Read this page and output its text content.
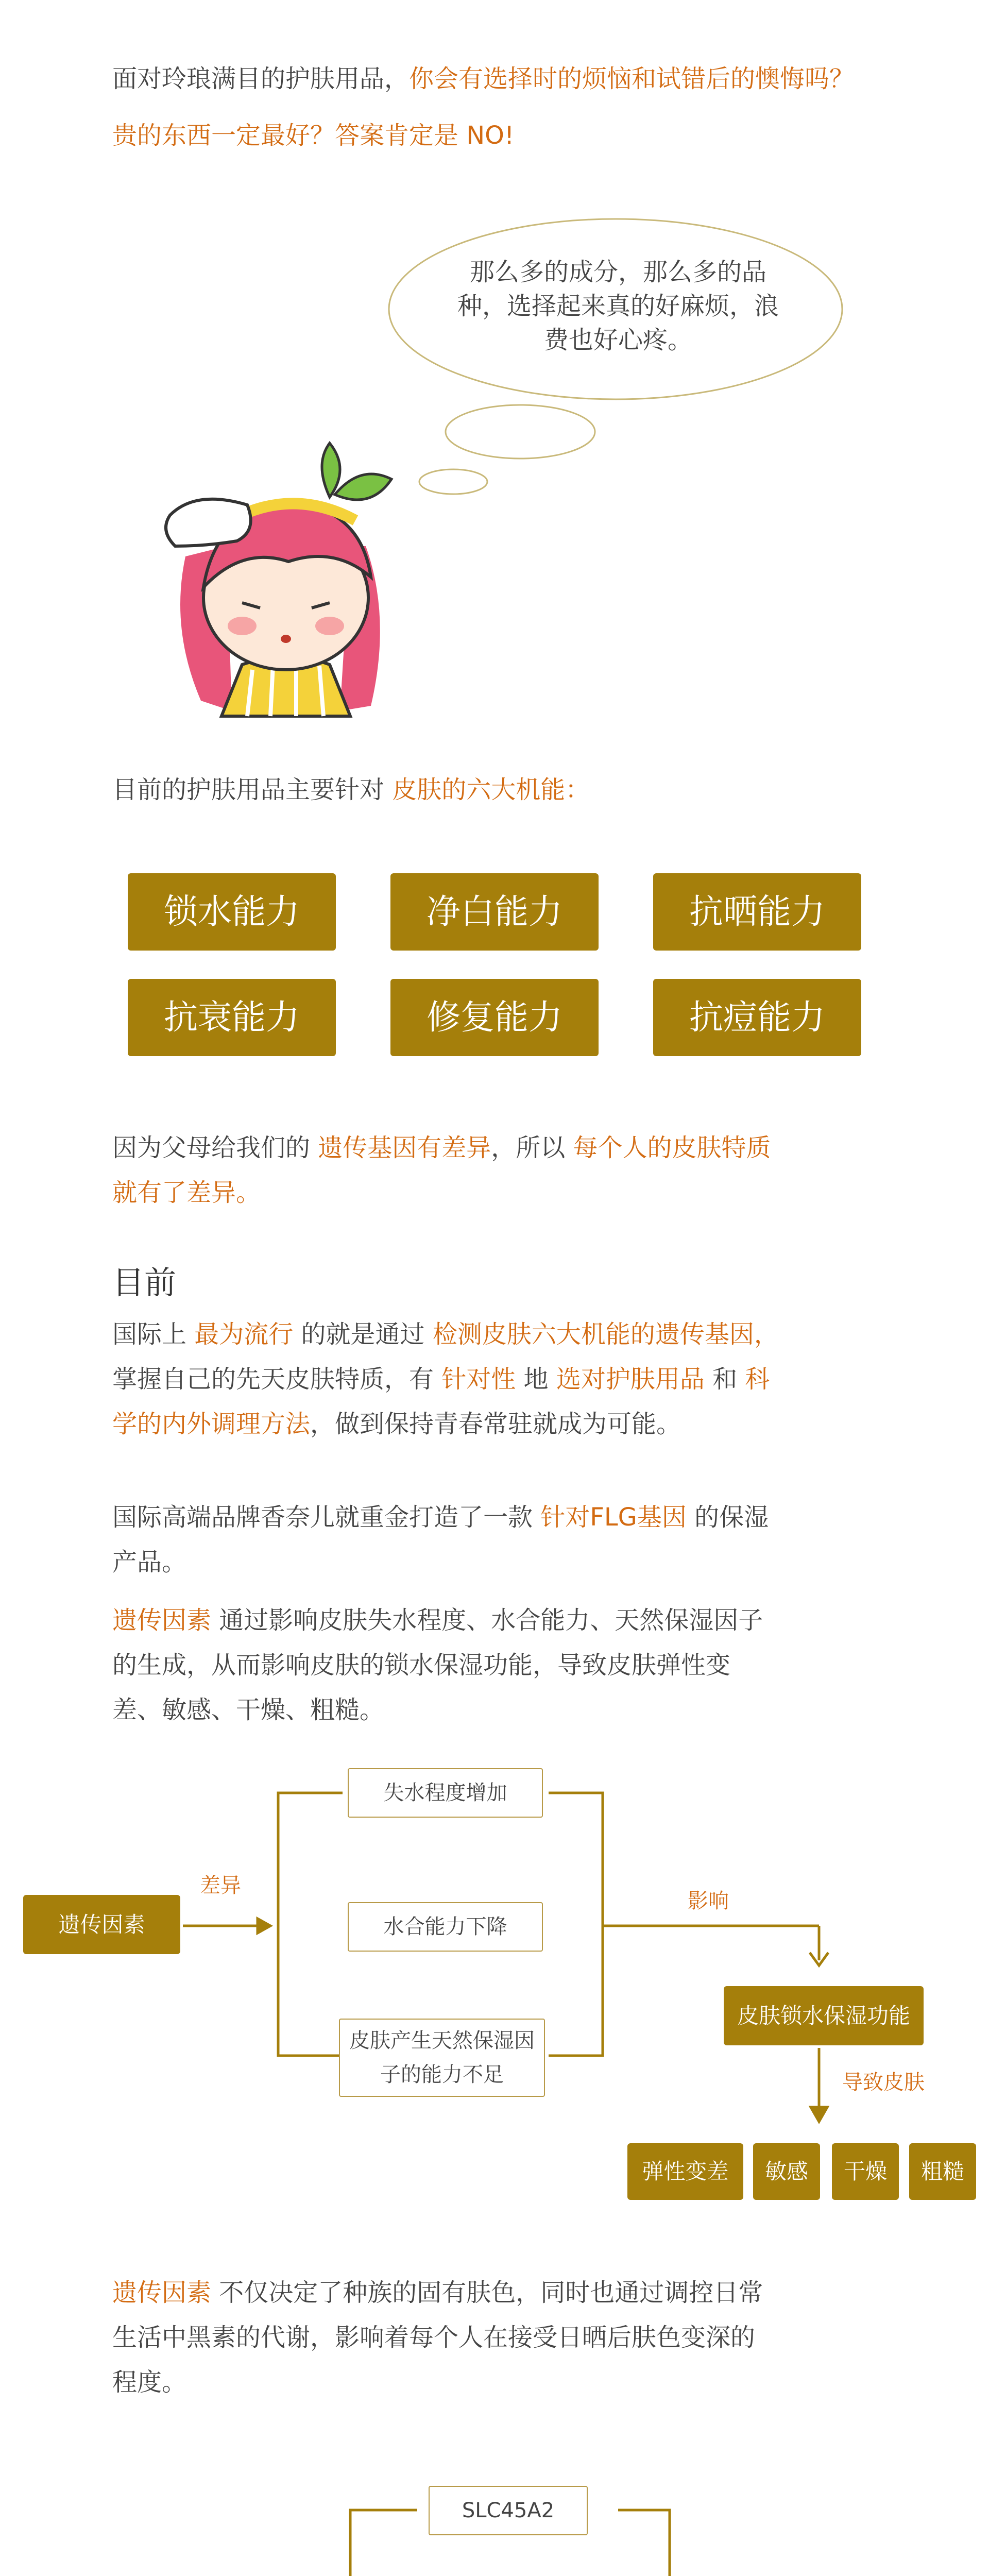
面对玲琅满目的护肤用品，你会有选择时的烦恼和试错后的懊悔吗？
贵的东西一定最好？答案肯定是 NO!
那么多的成分，那么多的品种，选择起来真的好麻烦，浪费也好心疼。
目前的护肤用品主要针对 皮肤的六大机能：
锁水能力	净白能力	抗晒能力
抗衰能力	修复能力	抗痘能力
因为父母给我们的 遗传基因有差异，所以 每个人的皮肤特质
就有了差异。
目前
国际上 最为流行 的就是通过 检测皮肤六大机能的遗传基因，
掌握自己的先天皮肤特质，有 针对性 地 选对护肤用品 和 科
学的内外调理方法，做到保持青春常驻就成为可能。
国际高端品牌香奈儿就重金打造了一款 针对FLG基因 的保湿
产品。
遗传因素 通过影响皮肤失水程度、水合能力、天然保湿因子
的生成，从而影响皮肤的锁水保湿功能，导致皮肤弹性变
差、敏感、干燥、粗糙。
遗传因素
差异
失水程度增加
水合能力下降
皮肤产生天然保湿因子的能力不足
影响
皮肤锁水保湿功能
导致皮肤
弹性变差	敏感	干燥	粗糙
遗传因素 不仅决定了种族的固有肤色，同时也通过调控日常
生活中黑素的代谢，影响着每个人在接受日晒后肤色变深的
程度。
SLC45A2
